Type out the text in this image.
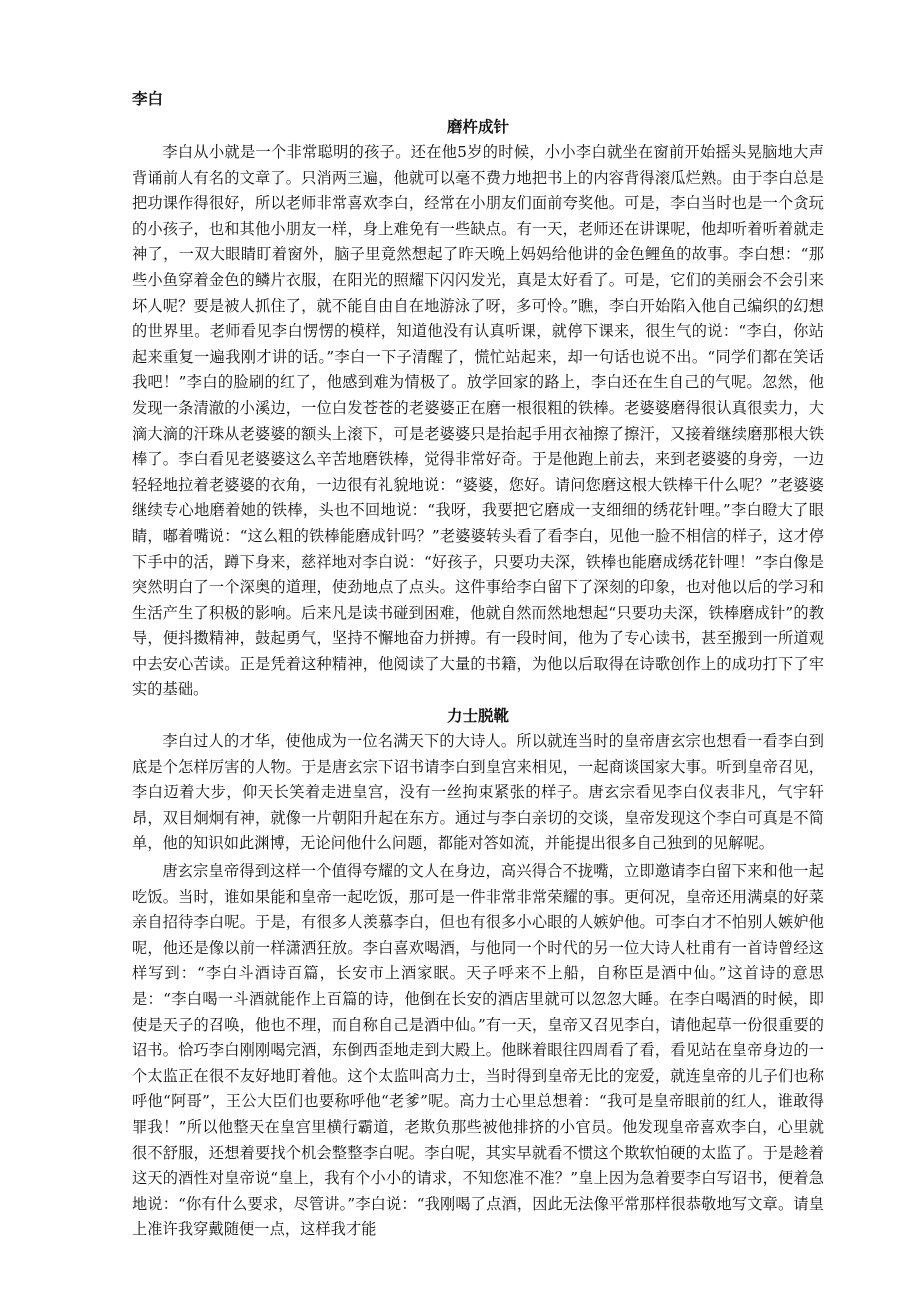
李白
磨杵成针

李白从小就是一个非常聪明的孩子。还在他5岁的时候，小小李白就坐在窗前开始摇头晃脑地大声背诵前人有名的文章了。只消两三遍，他就可以毫不费力地把书上的内容背得滚瓜烂熟。由于李白总是把功课作得很好，所以老师非常喜欢李白，经常在小朋友们面前夸奖他。可是，李白当时也是一个贪玩的小孩子，也和其他小朋友一样，身上难免有一些缺点。有一天，老师还在讲课呢，他却听着听着就走神了，一双大眼睛盯着窗外，脑子里竟然想起了昨天晚上妈妈给他讲的金色鲤鱼的故事。李白想：“那些小鱼穿着金色的鳞片衣服，在阳光的照耀下闪闪发光，真是太好看了。可是，它们的美丽会不会引来坏人呢？要是被人抓住了，就不能自由自在地游泳了呀，多可怜。”瞧，李白开始陷入他自己编织的幻想的世界里。老师看见李白愣愣的模样，知道他没有认真听课，就停下课来，很生气的说：“李白，你站起来重复一遍我刚才讲的话。”李白一下子清醒了，慌忙站起来，却一句话也说不出。“同学们都在笑话我吧！”李白的脸刷的红了，他感到难为情极了。放学回家的路上，李白还在生自己的气呢。忽然，他发现一条清澈的小溪边，一位白发苍苍的老婆婆正在磨一根很粗的铁棒。老婆婆磨得很认真很卖力，大滴大滴的汗珠从老婆婆的额头上滚下，可是老婆婆只是抬起手用衣袖擦了擦汗，又接着继续磨那根大铁棒了。李白看见老婆婆这么辛苦地磨铁棒，觉得非常好奇。于是他跑上前去，来到老婆婆的身旁，一边轻轻地拉着老婆婆的衣角，一边很有礼貌地说：“婆婆，您好。请问您磨这根大铁棒干什么呢？”老婆婆继续专心地磨着她的铁棒，头也不回地说：“我呀，我要把它磨成一支细细的绣花针哩。”李白瞪大了眼睛，嘟着嘴说：“这么粗的铁棒能磨成针吗？”老婆婆转头看了看李白，见他一脸不相信的样子，这才停下手中的活，蹲下身来，慈祥地对李白说：“好孩子，只要功夫深，铁棒也能磨成绣花针哩！”李白像是突然明白了一个深奥的道理，使劲地点了点头。这件事给李白留下了深刻的印象，也对他以后的学习和生活产生了积极的影响。后来凡是读书碰到困难，他就自然而然地想起“只要功夫深，铁棒磨成针”的教导，便抖擞精神，鼓起勇气，坚持不懈地奋力拼搏。有一段时间，他为了专心读书，甚至搬到一所道观中去安心苦读。正是凭着这种精神，他阅读了大量的书籍，为他以后取得在诗歌创作上的成功打下了牢实的基础。

力士脱靴

李白过人的才华，使他成为一位名满天下的大诗人。所以就连当时的皇帝唐玄宗也想看一看李白到底是个怎样厉害的人物。于是唐玄宗下诏书请李白到皇宫来相见，一起商谈国家大事。听到皇帝召见，李白迈着大步，仰天长笑着走进皇宫，没有一丝拘束紧张的样子。唐玄宗看见李白仪表非凡，气宇轩昂，双目炯炯有神，就像一片朝阳升起在东方。通过与李白亲切的交谈，皇帝发现这个李白可真是不简单，他的知识如此渊博，无论问他什么问题，都能对答如流，并能提出很多自己独到的见解呢。

唐玄宗皇帝得到这样一个值得夸耀的文人在身边，高兴得合不拢嘴，立即邀请李白留下来和他一起吃饭。当时，谁如果能和皇帝一起吃饭，那可是一件非常非常荣耀的事。更何况，皇帝还用满桌的好菜亲自招待李白呢。于是，有很多人羡慕李白，但也有很多小心眼的人嫉妒他。可李白才不怕别人嫉妒他呢，他还是像以前一样潇洒狂放。李白喜欢喝酒，与他同一个时代的另一位大诗人杜甫有一首诗曾经这样写到：“李白斗酒诗百篇，长安市上酒家眠。天子呼来不上船，自称臣是酒中仙。”这首诗的意思是：“李白喝一斗酒就能作上百篇的诗，他倒在长安的酒店里就可以忽忽大睡。在李白喝酒的时候，即使是天子的召唤，他也不理，而自称自己是酒中仙。”有一天，皇帝又召见李白，请他起草一份很重要的诏书。恰巧李白刚刚喝完酒，东倒西歪地走到大殿上。他眯着眼往四周看了看，看见站在皇帝身边的一个太监正在很不友好地盯着他。这个太监叫高力士，当时得到皇帝无比的宠爱，就连皇帝的儿子们也称呼他“阿哥”，王公大臣们也要称呼他“老爹”呢。高力士心里总想着：“我可是皇帝眼前的红人，谁敢得罪我！”所以他整天在皇宫里横行霸道，老欺负那些被他排挤的小官员。他发现皇帝喜欢李白，心里就很不舒服，还想着要找个机会整整李白呢。李白呢，其实早就看不惯这个欺软怕硬的太监了。于是趁着这天的酒性对皇帝说“皇上，我有个小小的请求，不知您准不准？”皇上因为急着要李白写诏书，便着急地说：“你有什么要求，尽管讲。”李白说：“我刚喝了点酒，因此无法像平常那样很恭敬地写文章。请皇上准许我穿戴随便一点，这样我才能
